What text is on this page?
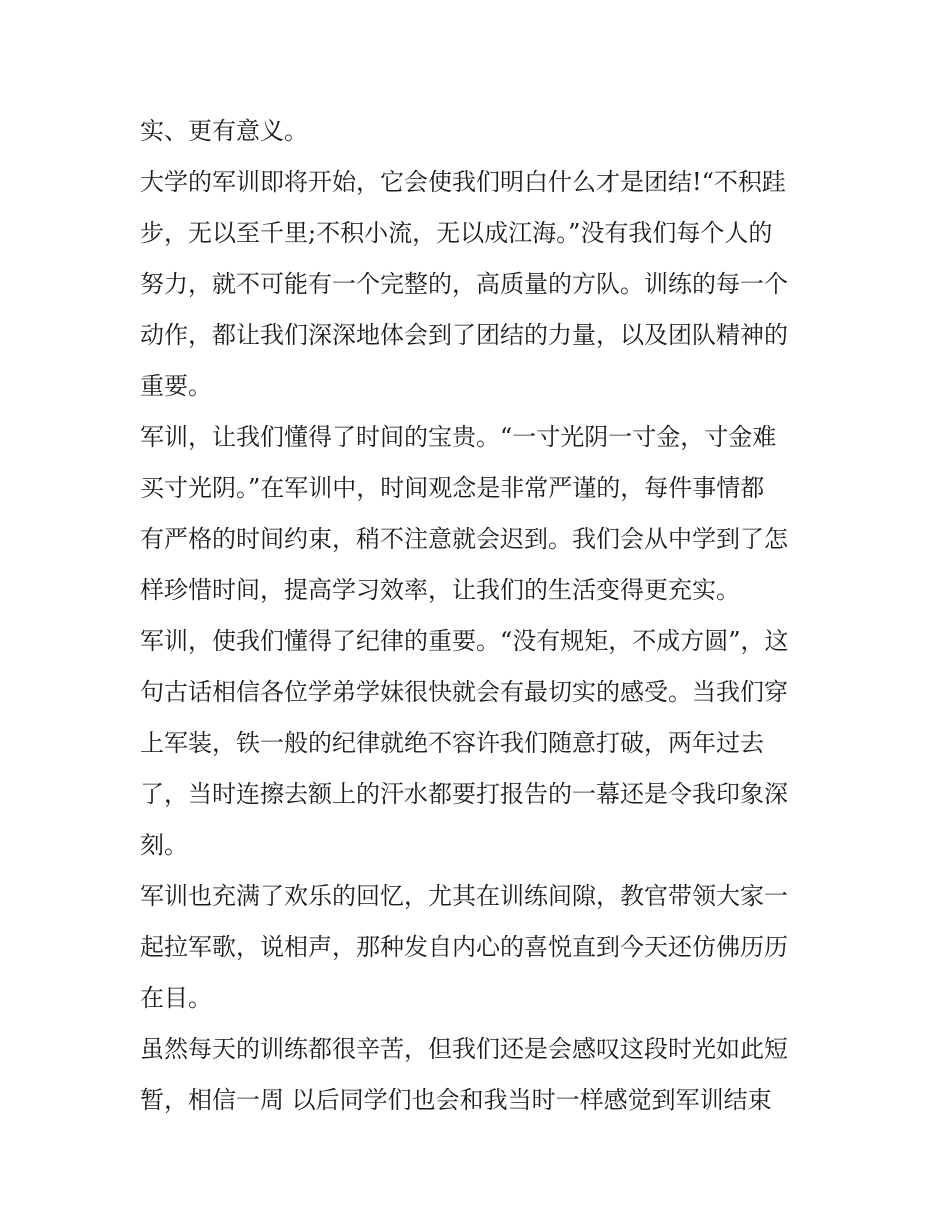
实、更有意义。
大学的军训即将开始，它会使我们明白什么才是团结!“不积跬
步，无以至千里;不积小流，无以成江海。”没有我们每个人的
努力，就不可能有一个完整的，高质量的方队。训练的每一个
动作，都让我们深深地体会到了团结的力量，以及团队精神的
重要。
军训，让我们懂得了时间的宝贵。“一寸光阴一寸金，寸金难
买寸光阴。”在军训中，时间观念是非常严谨的，每件事情都
有严格的时间约束，稍不注意就会迟到。我们会从中学到了怎
样珍惜时间，提高学习效率，让我们的生活变得更充实。
军训，使我们懂得了纪律的重要。“没有规矩，不成方圆”，这
句古话相信各位学弟学妹很快就会有最切实的感受。当我们穿
上军装，铁一般的纪律就绝不容许我们随意打破，两年过去
了，当时连擦去额上的汗水都要打报告的一幕还是令我印象深
刻。
军训也充满了欢乐的回忆，尤其在训练间隙，教官带领大家一
起拉军歌，说相声，那种发自内心的喜悦直到今天还仿佛历历
在目。
虽然每天的训练都很辛苦，但我们还是会感叹这段时光如此短
暂，相信一周 以后同学们也会和我当时一样感觉到军训结束
